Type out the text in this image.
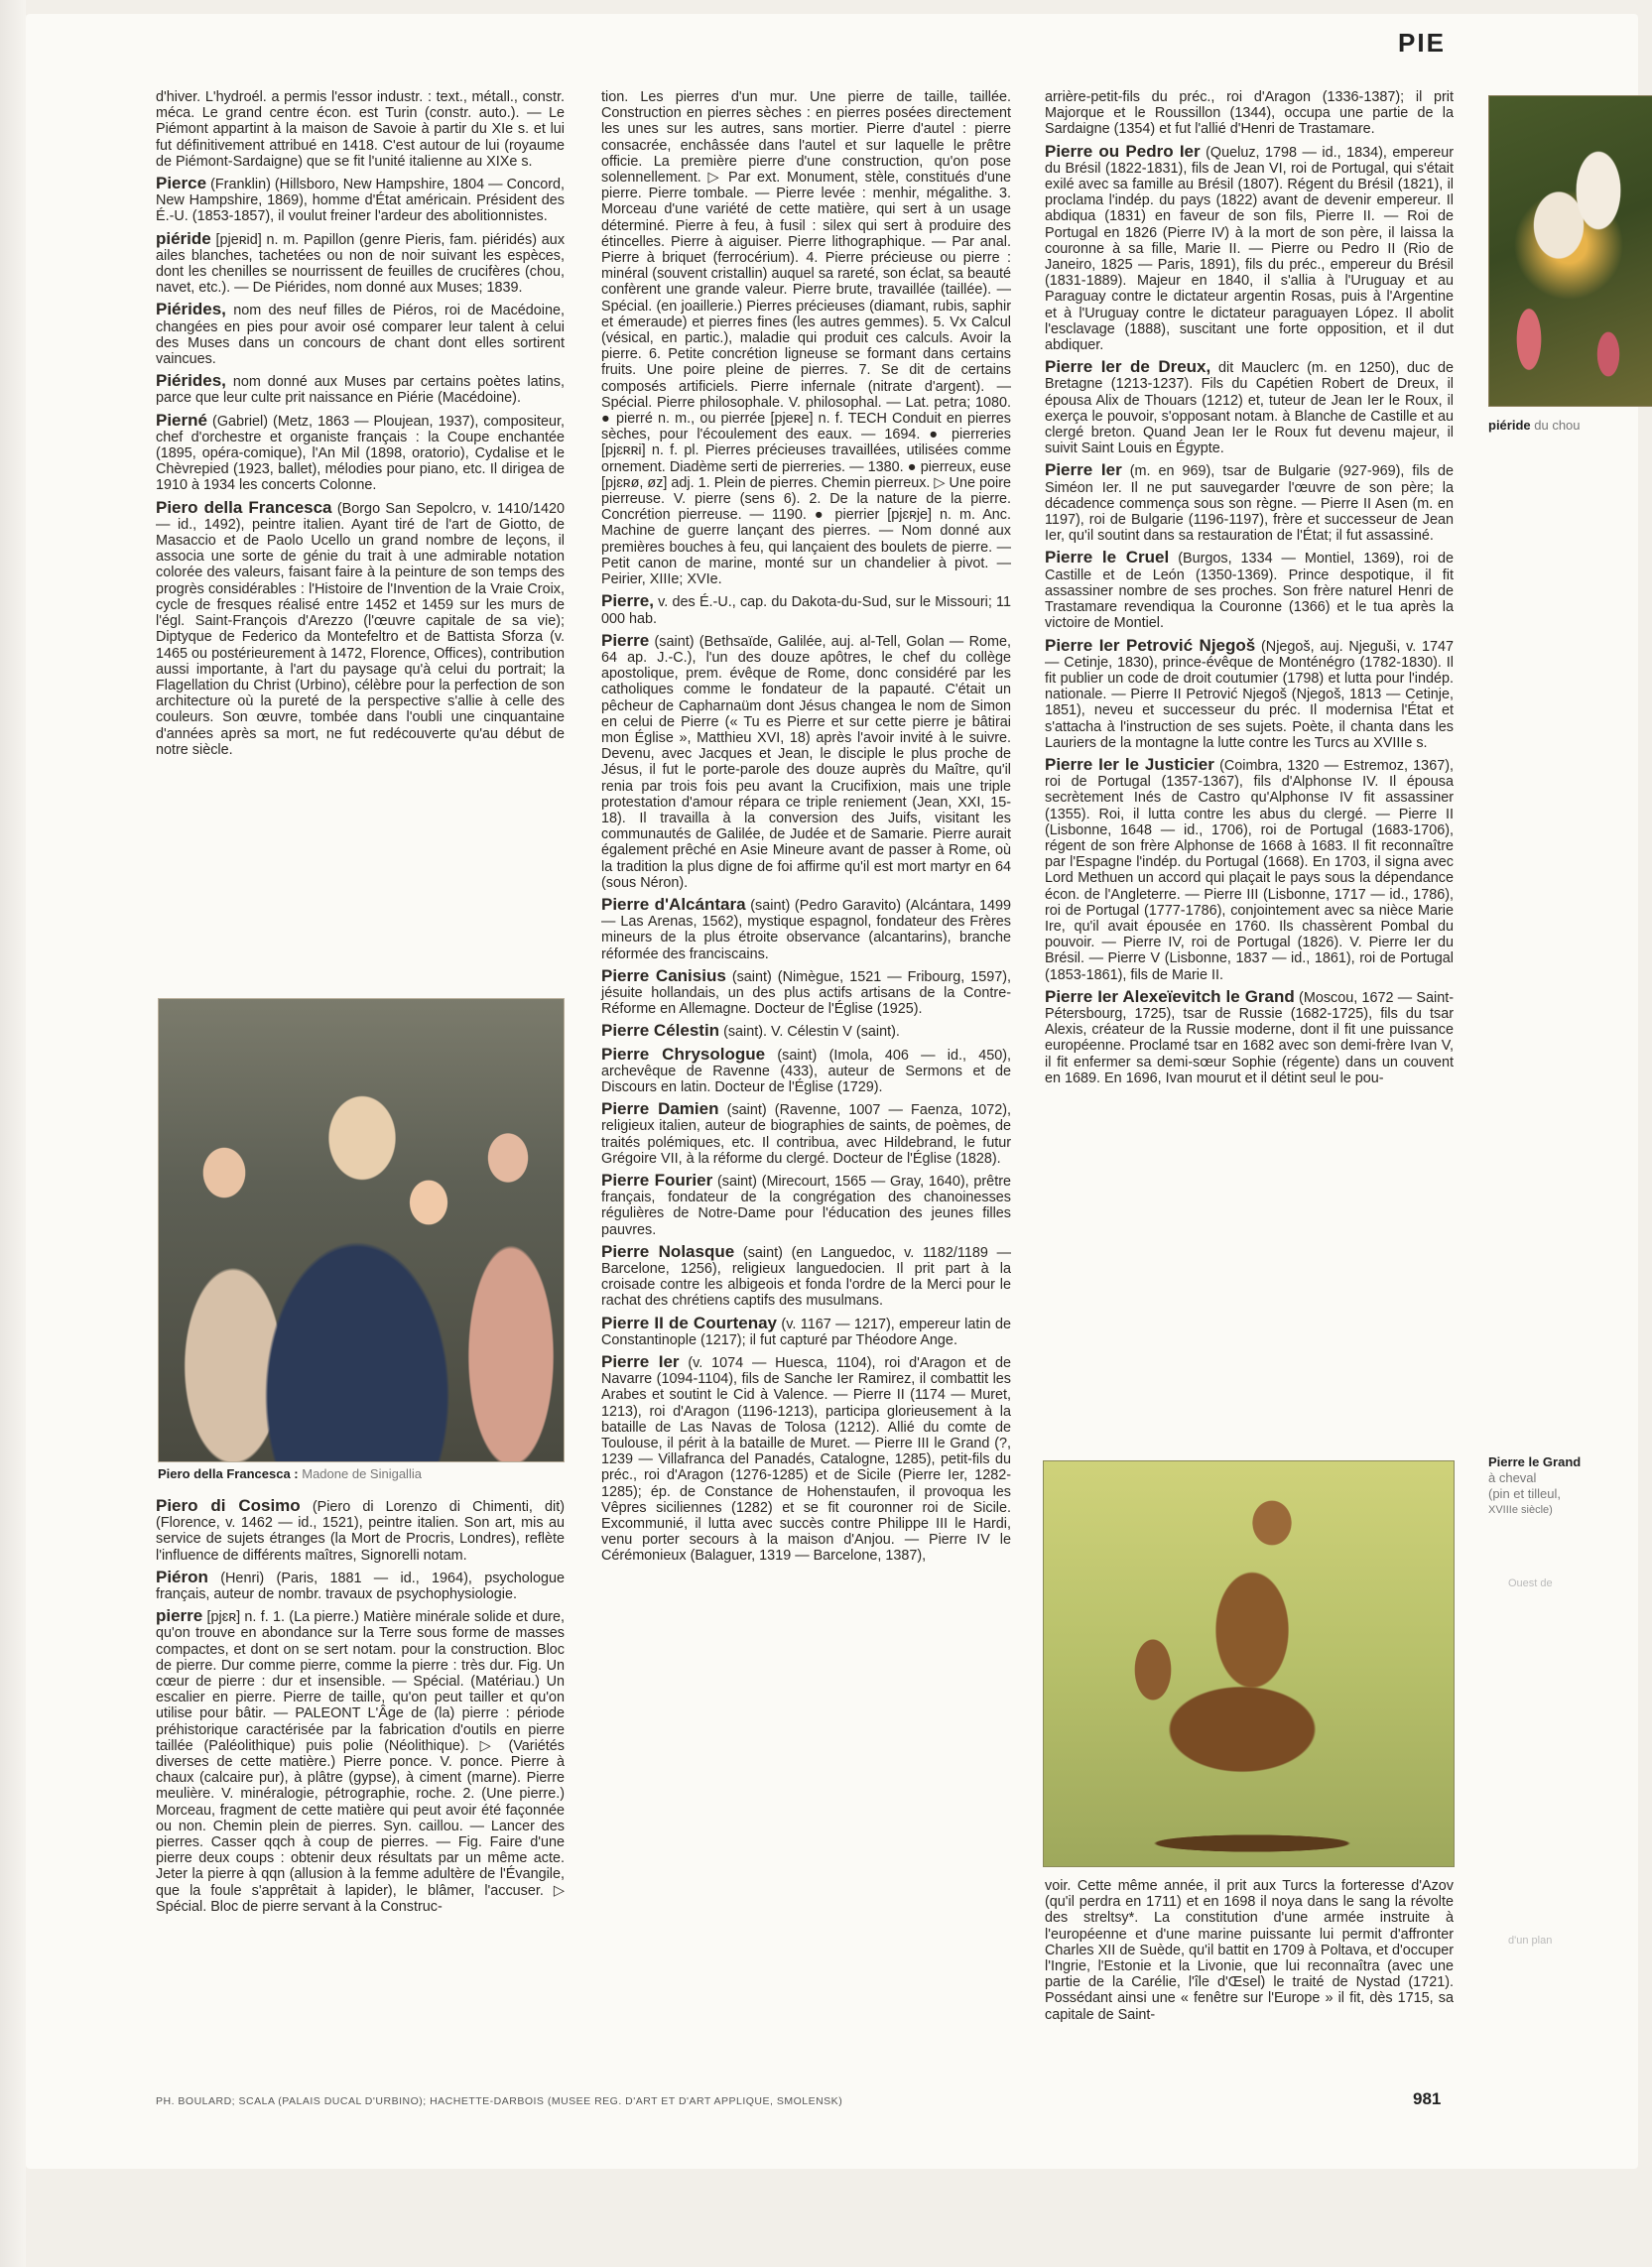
PIE

d'hiver. L'hydroél. a permis l'essor industr. : text., métall., constr. méca. Le grand centre écon. est Turin (constr. auto.). — Le Piémont appartint à la maison de Savoie à partir du XIe s. et lui fut définitivement attribué en 1418. C'est autour de lui (royaume de Piémont-Sardaigne) que se fit l'unité italienne au XIXe s.

Pierce (Franklin) (Hillsboro, New Hampshire, 1804 — Concord, New Hampshire, 1869), homme d'État américain. Président des É.-U. (1853-1857), il voulut freiner l'ardeur des abolitionnistes.

piéride [pjeʀid] n. m. Papillon (genre Pieris, fam. piéridés) aux ailes blanches, tachetées ou non de noir suivant les espèces, dont les chenilles se nourrissent de feuilles de crucifères (chou, navet, etc.). — De Piérides, nom donné aux Muses; 1839.

Piérides, nom des neuf filles de Piéros, roi de Macédoine, changées en pies pour avoir osé comparer leur talent à celui des Muses dans un concours de chant dont elles sortirent vaincues.

Piérides, nom donné aux Muses par certains poètes latins, parce que leur culte prit naissance en Piérie (Macédoine).

Pierné (Gabriel) (Metz, 1863 — Ploujean, 1937), compositeur, chef d'orchestre et organiste français : la Coupe enchantée (1895, opéra-comique), l'An Mil (1898, oratorio), Cydalise et le Chèvrepied (1923, ballet), mélodies pour piano, etc. Il dirigea de 1910 à 1934 les concerts Colonne.

Piero della Francesca (Borgo San Sepolcro, v. 1410/1420 — id., 1492), peintre italien. Ayant tiré de l'art de Giotto, de Masaccio et de Paolo Ucello un grand nombre de leçons, il associa une sorte de génie du trait à une admirable notation colorée des valeurs, faisant faire à la peinture de son temps des progrès considérables : l'Histoire de l'Invention de la Vraie Croix, cycle de fresques réalisé entre 1452 et 1459 sur les murs de l'égl. Saint-François d'Arezzo (l'œuvre capitale de sa vie); Diptyque de Federico da Montefeltro et de Battista Sforza (v. 1465 ou postérieurement à 1472, Florence, Offices), contribution aussi importante, à l'art du paysage qu'à celui du portrait; la Flagellation du Christ (Urbino), célèbre pour la perfection de son architecture où la pureté de la perspective s'allie à celle des couleurs. Son œuvre, tombée dans l'oubli une cinquantaine d'années après sa mort, ne fut redécouverte qu'au début de notre siècle.

Piero della Francesca : Madone de Sinigallia

Piero di Cosimo (Piero di Lorenzo di Chimenti, dit) (Florence, v. 1462 — id., 1521), peintre italien. Son art, mis au service de sujets étranges (la Mort de Procris, Londres), reflète l'influence de différents maîtres, Signorelli notam.

Piéron (Henri) (Paris, 1881 — id., 1964), psychologue français, auteur de nombr. travaux de psychophysiologie.

pierre [pjɛʀ] n. f. 1. (La pierre.) Matière minérale solide et dure, qu'on trouve en abondance sur la Terre sous forme de masses compactes, et dont on se sert notam. pour la construction. Bloc de pierre. Dur comme pierre, comme la pierre : très dur. Fig. Un cœur de pierre : dur et insensible. — Spécial. (Matériau.) Un escalier en pierre. Pierre de taille, qu'on peut tailler et qu'on utilise pour bâtir. — PALEONT L'Âge de (la) pierre : période préhistorique caractérisée par la fabrication d'outils en pierre taillée (Paléolithique) puis polie (Néolithique). ▷ (Variétés diverses de cette matière.) Pierre ponce. V. ponce. Pierre à chaux (calcaire pur), à plâtre (gypse), à ciment (marne). Pierre meulière. V. minéralogie, pétrographie, roche. 2. (Une pierre.) Morceau, fragment de cette matière qui peut avoir été façonnée ou non. Chemin plein de pierres. Syn. caillou. — Lancer des pierres. Casser qqch à coup de pierres. — Fig. Faire d'une pierre deux coups : obtenir deux résultats par un même acte. Jeter la pierre à qqn (allusion à la femme adultère de l'Évangile, que la foule s'apprêtait à lapider), le blâmer, l'accuser. ▷ Spécial. Bloc de pierre servant à la Construc-

tion. Les pierres d'un mur. Une pierre de taille, taillée. Construction en pierres sèches : en pierres posées directement les unes sur les autres, sans mortier. Pierre d'autel : pierre consacrée, enchâssée dans l'autel et sur laquelle le prêtre officie. La première pierre d'une construction, qu'on pose solennellement. ▷ Par ext. Monument, stèle, constitués d'une pierre. Pierre tombale. — Pierre levée : menhir, mégalithe. 3. Morceau d'une variété de cette matière, qui sert à un usage déterminé. Pierre à feu, à fusil : silex qui sert à produire des étincelles. Pierre à aiguiser. Pierre lithographique. — Par anal. Pierre à briquet (ferrocérium). 4. Pierre précieuse ou pierre : minéral (souvent cristallin) auquel sa rareté, son éclat, sa beauté confèrent une grande valeur. Pierre brute, travaillée (taillée). — Spécial. (en joaillerie.) Pierres précieuses (diamant, rubis, saphir et émeraude) et pierres fines (les autres gemmes). 5. Vx Calcul (vésical, en partic.), maladie qui produit ces calculs. Avoir la pierre. 6. Petite concrétion ligneuse se formant dans certains fruits. Une poire pleine de pierres. 7. Se dit de certains composés artificiels. Pierre infernale (nitrate d'argent). — Spécial. Pierre philosophale. V. philosophal. — Lat. petra; 1080. ● pierré n. m., ou pierrée [pjeʀe] n. f. TECH Conduit en pierres sèches, pour l'écoulement des eaux. — 1694. ● pierreries [pjɛʀʀi] n. f. pl. Pierres précieuses travaillées, utilisées comme ornement. Diadème serti de pierreries. — 1380. ● pierreux, euse [pjɛʀø, øz] adj. 1. Plein de pierres. Chemin pierreux. ▷ Une poire pierreuse. V. pierre (sens 6). 2. De la nature de la pierre. Concrétion pierreuse. — 1190. ● pierrier [pjɛʀje] n. m. Anc. Machine de guerre lançant des pierres. — Nom donné aux premières bouches à feu, qui lançaient des boulets de pierre. — Petit canon de marine, monté sur un chandelier à pivot. — Peirier, XIIIe; XVIe.

Pierre, v. des É.-U., cap. du Dakota-du-Sud, sur le Missouri; 11 000 hab.

Pierre (saint) (Bethsaïde, Galilée, auj. al-Tell, Golan — Rome, 64 ap. J.-C.), l'un des douze apôtres, le chef du collège apostolique, prem. évêque de Rome, donc considéré par les catholiques comme le fondateur de la papauté. C'était un pêcheur de Capharnaüm dont Jésus changea le nom de Simon en celui de Pierre (« Tu es Pierre et sur cette pierre je bâtirai mon Église », Matthieu XVI, 18) après l'avoir invité à le suivre. Devenu, avec Jacques et Jean, le disciple le plus proche de Jésus, il fut le porte-parole des douze auprès du Maître, qu'il renia par trois fois peu avant la Crucifixion, mais une triple protestation d'amour répara ce triple reniement (Jean, XXI, 15-18). Il travailla à la conversion des Juifs, visitant les communautés de Galilée, de Judée et de Samarie. Pierre aurait également prêché en Asie Mineure avant de passer à Rome, où la tradition la plus digne de foi affirme qu'il est mort martyr en 64 (sous Néron).

Pierre d'Alcántara (saint) (Pedro Garavito) (Alcántara, 1499 — Las Arenas, 1562), mystique espagnol, fondateur des Frères mineurs de la plus étroite observance (alcantarins), branche réformée des franciscains.

Pierre Canisius (saint) (Nimègue, 1521 — Fribourg, 1597), jésuite hollandais, un des plus actifs artisans de la Contre-Réforme en Allemagne. Docteur de l'Église (1925).

Pierre Célestin (saint). V. Célestin V (saint).

Pierre Chrysologue (saint) (Imola, 406 — id., 450), archevêque de Ravenne (433), auteur de Sermons et de Discours en latin. Docteur de l'Église (1729).

Pierre Damien (saint) (Ravenne, 1007 — Faenza, 1072), religieux italien, auteur de biographies de saints, de poèmes, de traités polémiques, etc. Il contribua, avec Hildebrand, le futur Grégoire VII, à la réforme du clergé. Docteur de l'Église (1828).

Pierre Fourier (saint) (Mirecourt, 1565 — Gray, 1640), prêtre français, fondateur de la congrégation des chanoinesses régulières de Notre-Dame pour l'éducation des jeunes filles pauvres.

Pierre Nolasque (saint) (en Languedoc, v. 1182/1189 — Barcelone, 1256), religieux languedocien. Il prit part à la croisade contre les albigeois et fonda l'ordre de la Merci pour le rachat des chrétiens captifs des musulmans.

Pierre II de Courtenay (v. 1167 — 1217), empereur latin de Constantinople (1217); il fut capturé par Théodore Ange.

Pierre Ier (v. 1074 — Huesca, 1104), roi d'Aragon et de Navarre (1094-1104), fils de Sanche Ier Ramirez, il combattit les Arabes et soutint le Cid à Valence. — Pierre II (1174 — Muret, 1213), roi d'Aragon (1196-1213), participa glorieusement à la bataille de Las Navas de Tolosa (1212). Allié du comte de Toulouse, il périt à la bataille de Muret. — Pierre III le Grand (?, 1239 — Villafranca del Panadés, Catalogne, 1285), petit-fils du préc., roi d'Aragon (1276-1285) et de Sicile (Pierre Ier, 1282-1285); ép. de Constance de Hohenstaufen, il provoqua les Vêpres siciliennes (1282) et se fit couronner roi de Sicile. Excommunié, il lutta avec succès contre Philippe III le Hardi, venu porter secours à la maison d'Anjou. — Pierre IV le Cérémonieux (Balaguer, 1319 — Barcelone, 1387),

arrière-petit-fils du préc., roi d'Aragon (1336-1387); il prit Majorque et le Roussillon (1344), occupa une partie de la Sardaigne (1354) et fut l'allié d'Henri de Trastamare.

Pierre ou Pedro Ier (Queluz, 1798 — id., 1834), empereur du Brésil (1822-1831), fils de Jean VI, roi de Portugal, qui s'était exilé avec sa famille au Brésil (1807). Régent du Brésil (1821), il proclama l'indép. du pays (1822) avant de devenir empereur. Il abdiqua (1831) en faveur de son fils, Pierre II. — Roi de Portugal en 1826 (Pierre IV) à la mort de son père, il laissa la couronne à sa fille, Marie II. — Pierre ou Pedro II (Rio de Janeiro, 1825 — Paris, 1891), fils du préc., empereur du Brésil (1831-1889). Majeur en 1840, il s'allia à l'Uruguay et au Paraguay contre le dictateur argentin Rosas, puis à l'Argentine et à l'Uruguay contre le dictateur paraguayen López. Il abolit l'esclavage (1888), suscitant une forte opposition, et il dut abdiquer.

Pierre Ier de Dreux, dit Mauclerc (m. en 1250), duc de Bretagne (1213-1237). Fils du Capétien Robert de Dreux, il épousa Alix de Thouars (1212) et, tuteur de Jean Ier le Roux, il exerça le pouvoir, s'opposant notam. à Blanche de Castille et au clergé breton. Quand Jean Ier le Roux fut devenu majeur, il suivit Saint Louis en Égypte.

Pierre Ier (m. en 969), tsar de Bulgarie (927-969), fils de Siméon Ier. Il ne put sauvegarder l'œuvre de son père; la décadence commença sous son règne. — Pierre II Asen (m. en 1197), roi de Bulgarie (1196-1197), frère et successeur de Jean Ier, qu'il soutint dans sa restauration de l'État; il fut assassiné.

Pierre le Cruel (Burgos, 1334 — Montiel, 1369), roi de Castille et de León (1350-1369). Prince despotique, il fit assassiner nombre de ses proches. Son frère naturel Henri de Trastamare revendiqua la Couronne (1366) et le tua après la victoire de Montiel.

Pierre Ier Petrović Njegoš (Njegoš, auj. Njeguši, v. 1747 — Cetinje, 1830), prince-évêque de Monténégro (1782-1830). Il fit publier un code de droit coutumier (1798) et lutta pour l'indép. nationale. — Pierre II Petrović Njegoš (Njegoš, 1813 — Cetinje, 1851), neveu et successeur du préc. Il modernisa l'État et s'attacha à l'instruction de ses sujets. Poète, il chanta dans les Lauriers de la montagne la lutte contre les Turcs au XVIIIe s.

Pierre Ier le Justicier (Coimbra, 1320 — Estremoz, 1367), roi de Portugal (1357-1367), fils d'Alphonse IV. Il épousa secrètement Inés de Castro qu'Alphonse IV fit assassiner (1355). Roi, il lutta contre les abus du clergé. — Pierre II (Lisbonne, 1648 — id., 1706), roi de Portugal (1683-1706), régent de son frère Alphonse de 1668 à 1683. Il fit reconnaître par l'Espagne l'indép. du Portugal (1668). En 1703, il signa avec Lord Methuen un accord qui plaçait le pays sous la dépendance écon. de l'Angleterre. — Pierre III (Lisbonne, 1717 — id., 1786), roi de Portugal (1777-1786), conjointement avec sa nièce Marie Ire, qu'il avait épousée en 1760. Ils chassèrent Pombal du pouvoir. — Pierre IV, roi de Portugal (1826). V. Pierre Ier du Brésil. — Pierre V (Lisbonne, 1837 — id., 1861), roi de Portugal (1853-1861), fils de Marie II.

Pierre Ier Alexeïevitch le Grand (Moscou, 1672 — Saint-Pétersbourg, 1725), tsar de Russie (1682-1725), fils du tsar Alexis, créateur de la Russie moderne, dont il fit une puissance européenne. Proclamé tsar en 1682 avec son demi-frère Ivan V, il fit enfermer sa demi-sœur Sophie (régente) dans un couvent en 1689. En 1696, Ivan mourut et il détint seul le pou-

piéride du chou
Pierre le Grand
à cheval
(pin et tilleul,
XVIIIe siècle)

voir. Cette même année, il prit aux Turcs la forteresse d'Azov (qu'il perdra en 1711) et en 1698 il noya dans le sang la révolte des streltsy*. La constitution d'une armée instruite à l'européenne et d'une marine puissante lui permit d'affronter Charles XII de Suède, qu'il battit en 1709 à Poltava, et d'occuper l'Ingrie, l'Estonie et la Livonie, que lui reconnaîtra (avec une partie de la Carélie, l'île d'Œsel) le traité de Nystad (1721). Possédant ainsi une « fenêtre sur l'Europe » il fit, dès 1715, sa capitale de Saint-

PH. BOULARD; SCALA (PALAIS DUCAL D'URBINO); HACHETTE-DARBOIS (MUSEE REG. D'ART ET D'ART APPLIQUE, SMOLENSK)	981
Ouest de
d'un plan
